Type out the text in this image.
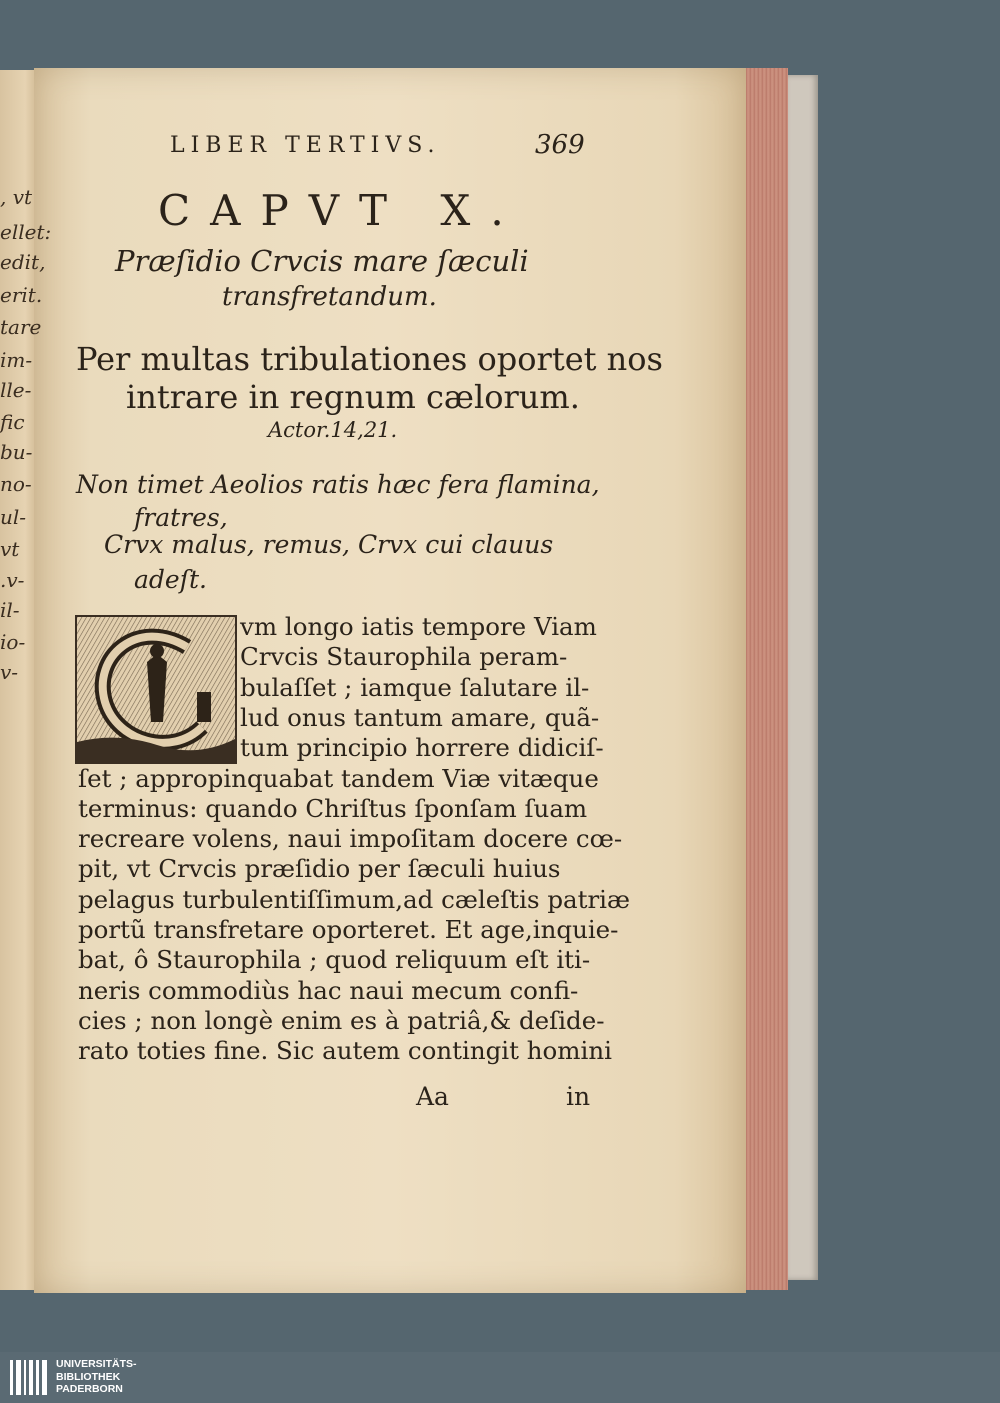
, vt
ellet:
edit,
erit.
tare
im-
lle-
fic
bu-
no-
ul-
vt
.v-
il-
io-
v-
LIBER TERTIVS.	369
CAPVT X.
Præſidio Crvcis mare ſæculi
transfretandum.
Per multas tribulationes oportet nos
intrare in regnum cælorum.
Actor.14,21.
Non timet Aeolios ratis hæc fera flamina,
fratres,
Crvx malus, remus, Crvx cui clauus
adeſt.
vm longo iatis tempore Viam
Crvcis Staurophila peram-
bulaſſet ; iamque ſalutare il-
lud onus tantum amare, quã-
tum principio horrere didiciſ-
ſet ; appropinquabat tandem Viæ vitæque
terminus: quando Chriſtus ſponſam ſuam
recreare volens, naui impoſitam docere cœ-
pit, vt Crvcis præſidio per ſæculi huius
pelagus turbulentiſſimum,ad cæleſtis patriæ
portũ transfretare oporteret. Et age,inquie-
bat, ô Staurophila ; quod reliquum eſt iti-
neris commodiùs hac naui mecum confi-
cies ; non longè enim es à patriâ,& deſide-
rato toties fine. Sic autem contingit homini
Aa	in
UNIVERSITÄTS-
BIBLIOTHEK
PADERBORN
